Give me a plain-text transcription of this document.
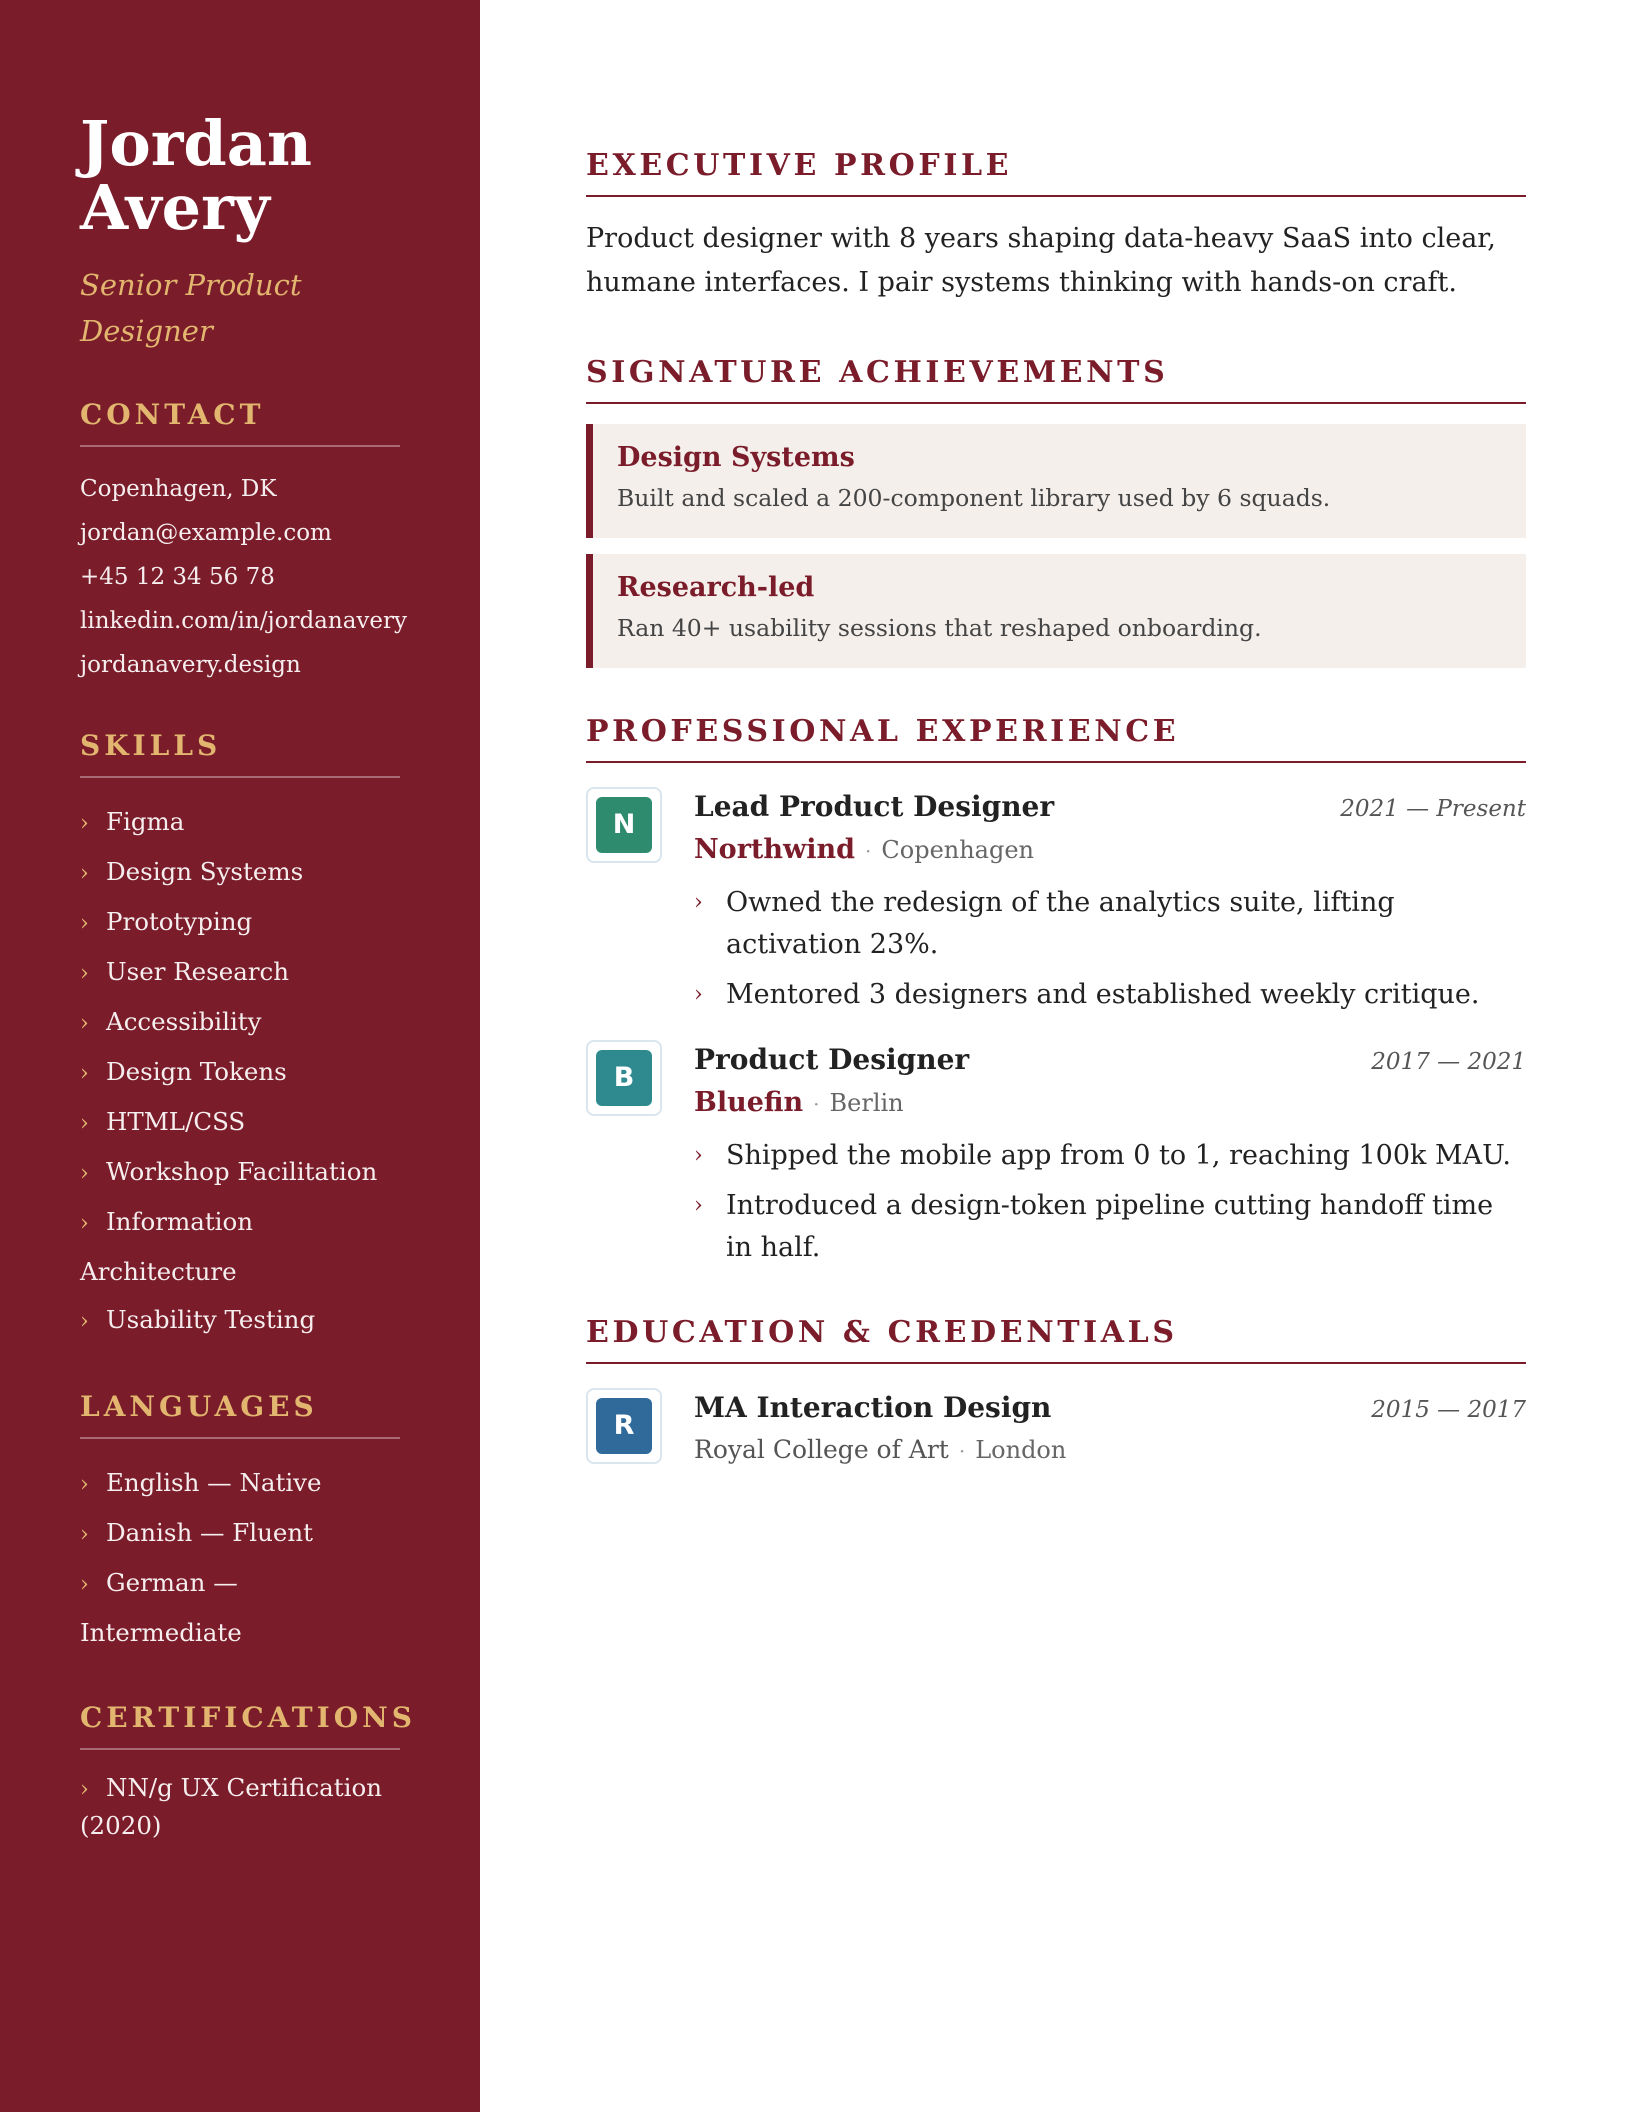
Jordan
Avery
Senior Product Designer
CONTACT
Copenhagen, DK
jordan@example.com
+45 12 34 56 78
linkedin.com/in/jordanavery
jordanavery.design
SKILLS
› Figma
› Design Systems
› Prototyping
› User Research
› Accessibility
› Design Tokens
› HTML/CSS
› Workshop Facilitation
› Information Architecture
› Usability Testing
LANGUAGES
› English — Native
› Danish — Fluent
› German — Intermediate
CERTIFICATIONS
› NN/g UX Certification (2020)
EXECUTIVE PROFILE

Product designer with 8 years shaping data-heavy SaaS into clear, humane interfaces. I pair systems thinking with hands-on craft.

SIGNATURE ACHIEVEMENTS
Design Systems
Built and scaled a 200-component library used by 6 squads.
Research-led
Ran 40+ usability sessions that reshaped onboarding.
PROFESSIONAL EXPERIENCE
N
Lead Product Designer	2021 — Present
Northwind · Copenhagen
› Owned the redesign of the analytics suite, lifting activation 23%.
› Mentored 3 designers and established weekly critique.
B
Product Designer	2017 — 2021
Bluefin · Berlin
› Shipped the mobile app from 0 to 1, reaching 100k MAU.
› Introduced a design-token pipeline cutting handoff time in half.
EDUCATION & CREDENTIALS
R
MA Interaction Design	2015 — 2017
Royal College of Art · London
